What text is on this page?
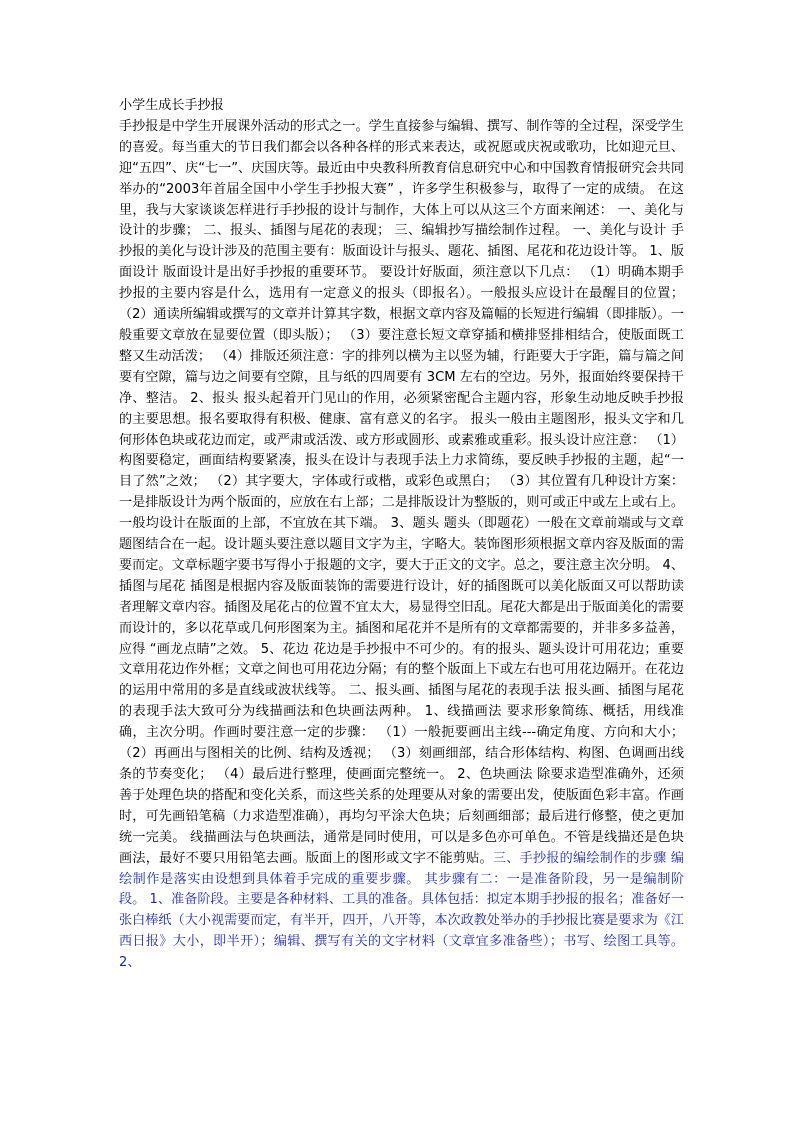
小学生成长手抄报

手抄报是中学生开展课外活动的形式之一。学生直接参与编辑、撰写、制作等的全过程，深受学生的喜爱。每当重大的节日我们都会以各种各样的形式来表达，或祝愿或庆祝或歌功，比如迎元旦、迎“五四”、庆“七一”、庆国庆等。最近由中央教科所教育信息研究中心和中国教育情报研究会共同举办的“2003年首届全国中小学生手抄报大赛” ，许多学生积极参与，取得了一定的成绩。 在这里，我与大家谈谈怎样进行手抄报的设计与制作，大体上可以从这三个方面来阐述： 一、美化与设计的步骤； 二、报头、插图与尾花的表现； 三、编辑抄写描绘制作过程。 一、美化与设计 手抄报的美化与设计涉及的范围主要有：版面设计与报头、题花、插图、尾花和花边设计等。 1、版面设计 版面设计是出好手抄报的重要环节。 要设计好版面，须注意以下几点： （1）明确本期手抄报的主要内容是什么，选用有一定意义的报头（即报名）。一般报头应设计在最醒目的位置； （2）通读所编辑或撰写的文章并计算其字数，根据文章内容及篇幅的长短进行编辑（即排版）。一般重要文章放在显要位置（即头版）； （3）要注意长短文章穿插和横排竖排相结合，使版面既工整又生动活泼； （4）排版还须注意：字的排列以横为主以竖为辅，行距要大于字距，篇与篇之间要有空隙，篇与边之间要有空隙，且与纸的四周要有 3CM 左右的空边。另外，报面始终要保持干净、整洁。 2、报头 报头起着开门见山的作用，必须紧密配合主题内容，形象生动地反映手抄报的主要思想。报名要取得有积极、健康、富有意义的名字。 报头一般由主题图形，报头文字和几何形体色块或花边而定，或严肃或活泼、或方形或圆形、或素雅或重彩。报头设计应注意： （1）构图要稳定，画面结构要紧凑，报头在设计与表现手法上力求简练，要反映手抄报的主题，起“一目了然”之效； （2）其字要大，字体或行或楷，或彩色或黑白； （3）其位置有几种设计方案：一是排版设计为两个版面的，应放在右上部；二是排版设计为整版的，则可或正中或左上或右上。一般均设计在版面的上部，不宜放在其下端。 3、题头 题头（即题花）一般在文章前端或与文章题图结合在一起。设计题头要注意以题目文字为主，字略大。装饰图形须根据文章内容及版面的需要而定。文章标题字要书写得小于报题的文字，要大于正文的文字。总之，要注意主次分明。 4、插图与尾花 插图是根据内容及版面装饰的需要进行设计，好的插图既可以美化版面又可以帮助读者理解文章内容。插图及尾花占的位置不宜太大，易显得空旧乱。尾花大都是出于版面美化的需要而设计的，多以花草或几何形图案为主。插图和尾花并不是所有的文章都需要的，并非多多益善，应得 “画龙点睛”之效。 5、花边 花边是手抄报中不可少的。有的报头、题头设计可用花边；重要文章用花边作外框；文章之间也可用花边分隔；有的整个版面上下或左右也可用花边隔开。在花边的运用中常用的多是直线或波状线等。 二、报头画、插图与尾花的表现手法 报头画、插图与尾花的表现手法大致可分为线描画法和色块画法两种。 1、线描画法 要求形象简练、概括，用线准确，主次分明。作画时要注意一定的步骤： （1）一般扼要画出主线---确定角度、方向和大小； （2）再画出与图相关的比例、结构及透视； （3）刻画细部，结合形体结构、构图、色调画出线条的节奏变化； （4）最后进行整理，使画面完整统一。 2、色块画法 除要求造型准确外，还须善于处理色块的搭配和变化关系，而这些关系的处理要从对象的需要出发，使版面色彩丰富。作画时，可先画铅笔稿（力求造型准确），再均匀平涂大色块；后刻画细部；最后进行修整，使之更加统一完美。 线描画法与色块画法，通常是同时使用，可以是多色亦可单色。不管是线描还是色块画法，最好不要只用铅笔去画。版面上的图形或文字不能剪贴。三、手抄报的编绘制作的步骤 编绘制作是落实由设想到具体着手完成的重要步骤。 其步骤有二：一是准备阶段，另一是编制阶段。 1、准备阶段。主要是各种材料、工具的准备。具体包括：拟定本期手抄报的报名；准备好一张白棒纸（大小视需要而定，有半开，四开，八开等，本次政教处举办的手抄报比赛是要求为《江西日报》大小，即半开）；编辑、撰写有关的文字材料（文章宜多准备些）；书写、绘图工具等。 2、
